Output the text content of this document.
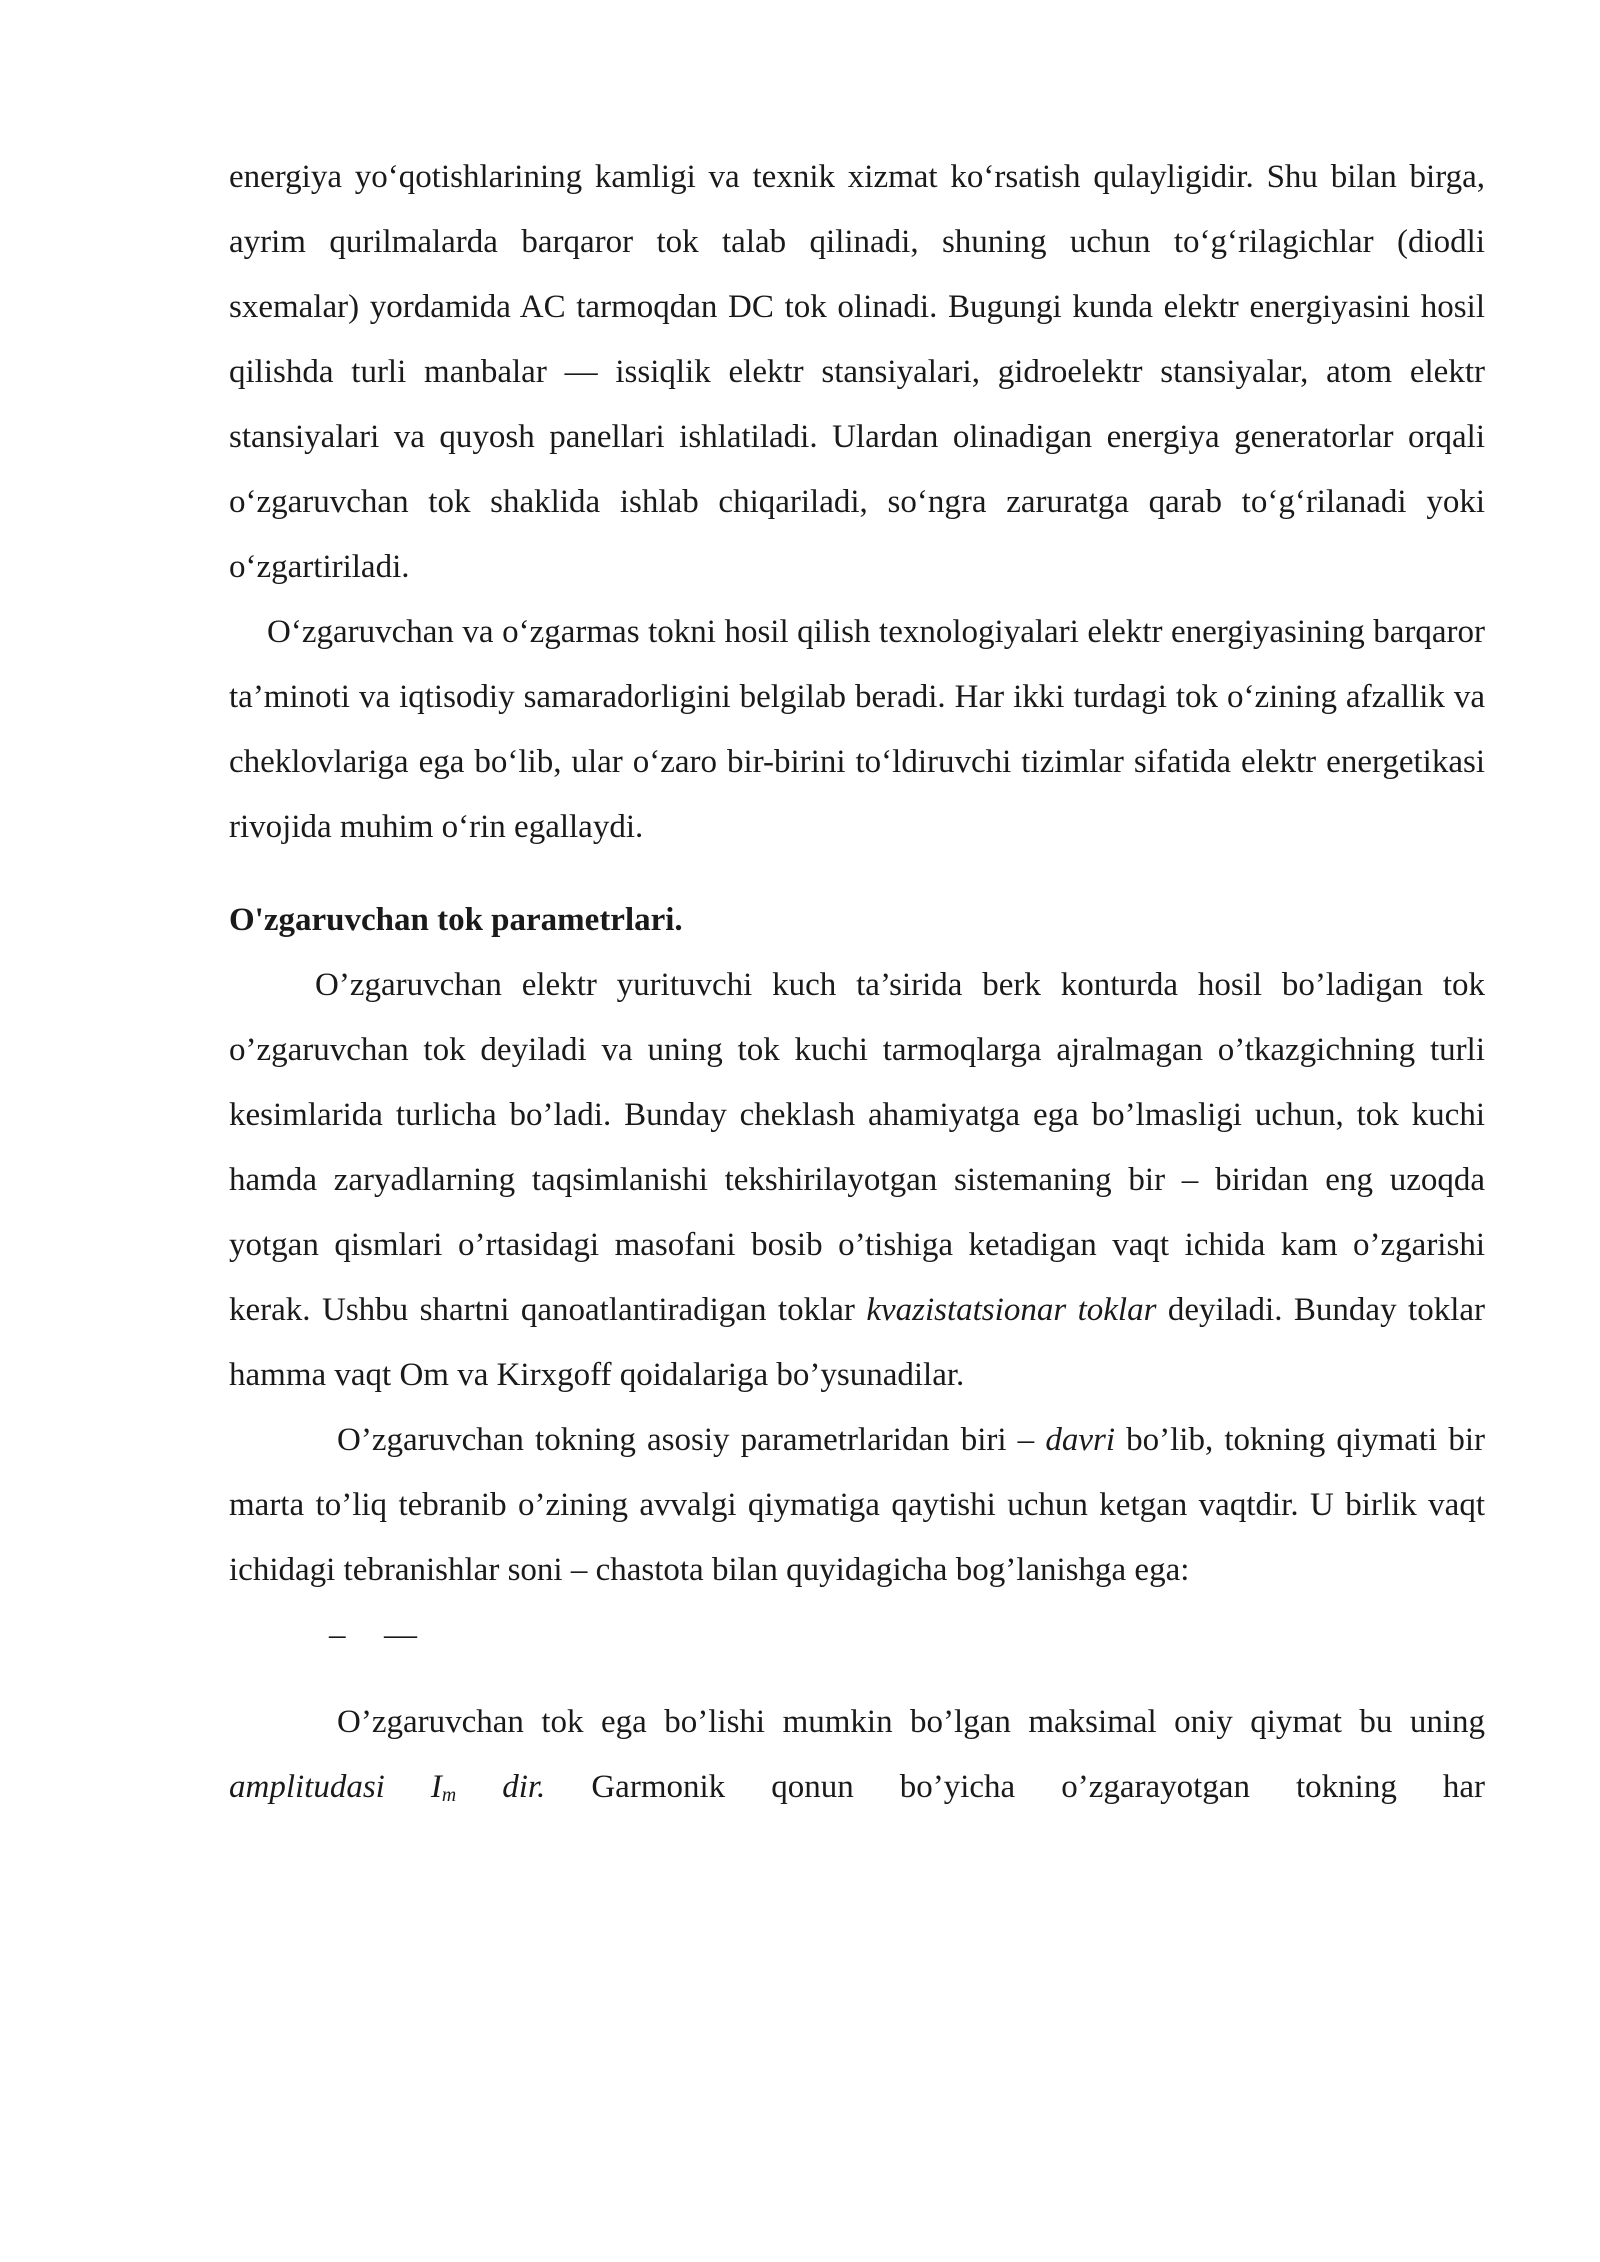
energiya yo‘qotishlarining kamligi va texnik xizmat ko‘rsatish qulayligidir. Shu bilan birga, ayrim qurilmalarda barqaror tok talab qilinadi, shuning uchun to‘g‘rilagichlar (diodli sxemalar) yordamida AC tarmoqdan DC tok olinadi. Bugungi kunda elektr energiyasini hosil qilishda turli manbalar — issiqlik elektr stansiyalari, gidroelektr stansiyalar, atom elektr stansiyalari va quyosh panellari ishlatiladi. Ulardan olinadigan energiya generatorlar orqali o‘zgaruvchan tok shaklida ishlab chiqariladi, so‘ngra zaruratga qarab to‘g‘rilanadi yoki o‘zgartiriladi.

O‘zgaruvchan va o‘zgarmas tokni hosil qilish texnologiyalari elektr energiyasining barqaror ta’minoti va iqtisodiy samaradorligini belgilab beradi. Har ikki turdagi tok o‘zining afzallik va cheklovlariga ega bo‘lib, ular o‘zaro bir-birini to‘ldiruvchi tizimlar sifatida elektr energetikasi rivojida muhim o‘rin egallaydi.

O'zgaruvchan tok parametrlari.

O’zgaruvchan elektr yurituvchi kuch ta’sirida berk konturda hosil bo’ladigan tok o’zgaruvchan tok deyiladi va uning tok kuchi tarmoqlarga ajralmagan o’tkazgichning turli kesimlarida turlicha bo’ladi. Bunday cheklash ahamiyatga ega bo’lmasligi uchun, tok kuchi hamda zaryadlarning taqsimlanishi tekshirilayotgan sistemaning bir – biridan eng uzoqda yotgan qismlari o’rtasidagi masofani bosib o’tishiga ketadigan vaqt ichida kam o’zgarishi kerak. Ushbu shartni qanoatlantiradigan toklar kvazistatsionar toklar deyiladi. Bunday toklar hamma vaqt Om va Kirxgoff qoidalariga bo’ysunadilar.

O’zgaruvchan tokning asosiy parametrlaridan biri – davri bo’lib, tokning qiymati bir marta to’liq tebranib o’zining avvalgi qiymatiga qaytishi uchun ketgan vaqtdir. U birlik vaqt ichidagi tebranishlar soni – chastota bilan quyidagicha bog’lanishga ega:

– —

O’zgaruvchan tok ega bo’lishi mumkin bo’lgan maksimal oniy qiymat bu uning amplitudasi $I_m$ dir. Garmonik qonun bo’yicha o’zgarayotgan tokning har
